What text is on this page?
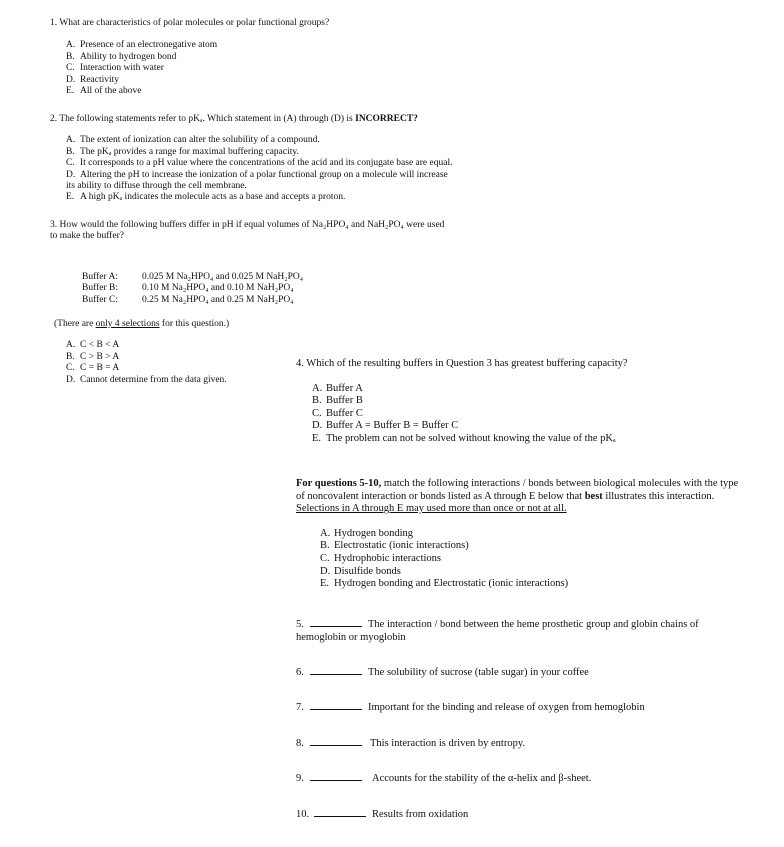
1. What are characteristics of polar molecules or polar functional groups?

A. Presence of an electronegative atom
B. Ability to hydrogen bond
C. Interaction with water
D. Reactivity
E. All of the above

2. The following statements refer to pKₐ. Which statement in (A) through (D) is INCORRECT?

A. The extent of ionization can alter the solubility of a compound.
B. The pKₐ provides a range for maximal buffering capacity.
C. It corresponds to a pH value where the concentrations of the acid and its conjugate base are equal.
D. Altering the pH to increase the ionization of a polar functional group on a molecule will increase
its ability to diffuse through the cell membrane.
E. A high pKₐ indicates the molecule acts as a base and accepts a proton.

3. How would the following buffers differ in pH if equal volumes of Na₂HPO₄ and NaH₂PO₄ were used

to make the buffer?

Buffer A:	0.025 M Na₂HPO₄ and 0.025 M NaH₂PO₄
Buffer B:	0.10 M Na₂HPO₄ and 0.10 M NaH₂PO₄
Buffer C:	0.25 M Na₂HPO₄ and 0.25 M NaH₂PO₄

(There are only 4 selections for this question.)

A. C < B < A
B. C > B > A
C. C = B = A
D. Cannot determine from the data given.

4. Which of the resulting buffers in Question 3 has greatest buffering capacity?

A. Buffer A
B. Buffer B
C. Buffer C
D. Buffer A = Buffer B = Buffer C
E. The problem can not be solved without knowing the value of the pKₐ

For questions 5-10, match the following interactions / bonds between biological molecules with the type

of noncovalent interaction or bonds listed as A through E below that best illustrates this interaction.

Selections in A through E may used more than once or not at all.

A. Hydrogen bonding
B. Electrostatic (ionic interactions)
C. Hydrophobic interactions
D. Disulfide bonds
E. Hydrogen bonding and Electrostatic (ionic interactions)
5.	The interaction / bond between the heme prosthetic group and globin chains of
hemoglobin or myoglobin
6.	The solubility of sucrose (table sugar) in your coffee
7.	Important for the binding and release of oxygen from hemoglobin
8.	This interaction is driven by entropy.
9.	Accounts for the stability of the α-helix and β-sheet.
10.	Results from oxidation
